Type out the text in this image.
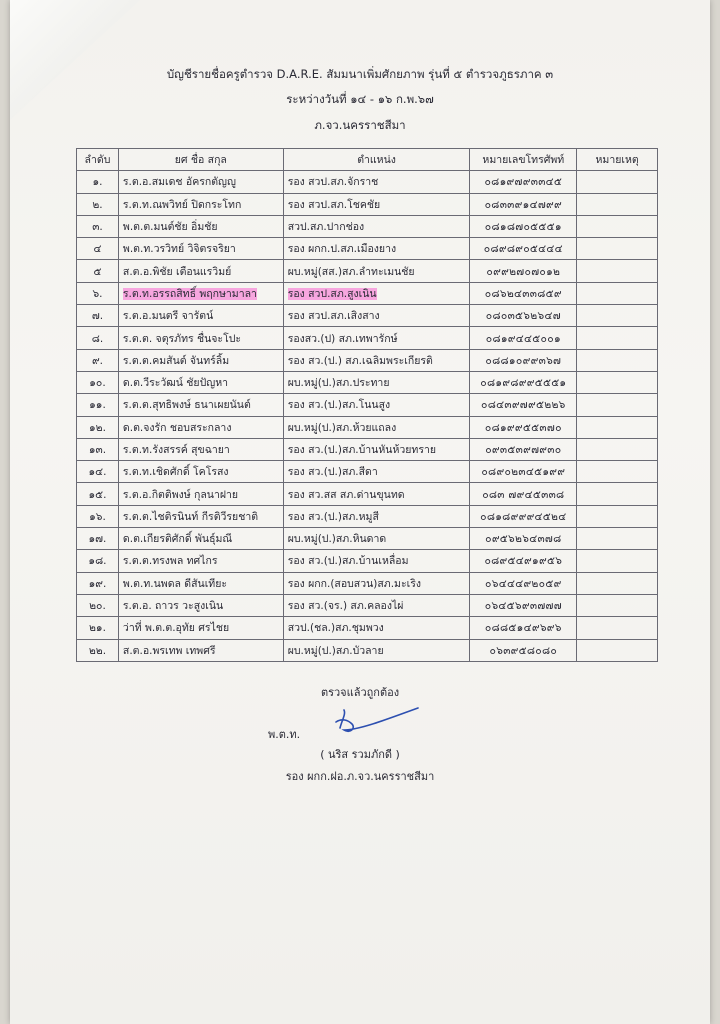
บัญชีรายชื่อครูตำรวจ D.A.R.E. สัมมนาเพิ่มศักยภาพ รุ่นที่ ๕ ตำรวจภูธรภาค ๓
ระหว่างวันที่ ๑๔ - ๑๖ ก.พ.๖๗
ภ.จว.นครราชสีมา
ลำดับ	ยศ ชื่อ สกุล	ตำแหน่ง	หมายเลขโทรศัพท์	หมายเหตุ
๑.	ร.ต.อ.สมเดช อัครกตัญญู	รอง สวป.สภ.จักราช	๐๘๑๙๗๙๓๓๔๕	
๒.	ร.ต.ท.ณพวิทย์ ปิดกระโทก	รอง สวป.สภ.โชคชัย	๐๘๓๓๙๑๔๗๙๙	
๓.	พ.ต.ต.มนต์ชัย อิ่มชัย	สวป.สภ.ปากช่อง	๐๘๑๘๗๐๕๕๕๑	
๔	พ.ต.ท.วรวิทย์ วิจิตรจริยา	รอง ผกก.ป.สภ.เมืองยาง	๐๘๙๘๙๐๕๔๔๔	
๕	ส.ต.อ.พิชัย เตือนแรวิมย์	ผบ.หมู่(สส.)สภ.ลำทะเมนชัย	๐๙๙๒๗๐๗๐๑๒	
๖.	ร.ต.ท.อรรถสิทธิ์ พฤกษามาลา	รอง สวป.สภ.สูงเนิน	๐๘๖๒๔๓๓๘๕๙	
๗.	ร.ต.อ.มนตรี จารัตน์	รอง สวป.สภ.เสิงสาง	๐๘๐๓๕๖๒๖๔๗	
๘.	ร.ต.ต. จตุรภัทร ชื่นจะโปะ	รองสว.(ป) สภ.เทพารักษ์	๐๘๑๙๔๔๕๐๐๑	
๙.	ร.ต.ต.คมสันต์ จันทร์ลิ้ม	รอง สว.(ป.) สภ.เฉลิมพระเกียรติ	๐๘๘๑๐๙๙๓๖๗	
๑๐.	ด.ต.วีระวัฒน์ ชัยปัญหา	ผบ.หมู่(ป.)สภ.ประทาย	๐๘๑๙๘๙๙๕๕๕๑	
๑๑.	ร.ต.ต.สุทธิพงษ์ ธนาเผยนันต์	รอง สว.(ป.)สภ.โนนสูง	๐๘๔๓๙๗๙๕๒๒๖	
๑๒.	ด.ต.จงรัก ชอบสระกลาง	ผบ.หมู่(ป.)สภ.ห้วยแถลง	๐๘๑๙๙๕๕๓๗๐	
๑๓.	ร.ต.ท.รังสรรค์ สุขฉายา	รอง สว.(ป.)สภ.บ้านหันห้วยทราย	๐๙๓๕๓๙๗๙๓๐	
๑๔.	ร.ต.ท.เชิดศักดิ์ โคโรสง	รอง สว.(ป.)สภ.สีดา	๐๘๙๐๒๓๔๕๑๙๙	
๑๕.	ร.ต.อ.กิตติพงษ์ กุลนาฝาย	รอง สว.สส สภ.ด่านขุนทด	๐๘๓ ๗๙๔๕๓๓๘	
๑๖.	ร.ต.ต.ไชติรนินท์ กีรติวีรยชาติ	รอง สว.(ป.)สภ.หมูสี	๐๘๑๘๙๙๙๔๕๒๔	
๑๗.	ด.ต.เกียรติศักดิ์ พันธุ์มณี	ผบ.หมู่(ป.)สภ.หินดาด	๐๙๕๖๒๖๔๓๗๘	
๑๘.	ร.ต.ต.ทรงพล ทศไกร	รอง สว.(ป.)สภ.บ้านเหลื่อม	๐๘๙๕๔๙๑๙๕๖	
๑๙.	พ.ต.ท.นพดล ดีสันเทียะ	รอง ผกก.(สอบสวน)สภ.มะเริง	๐๖๔๔๔๙๒๐๕๙	
๒๐.	ร.ต.อ. ถาวร วะสูงเนิน	รอง สว.(จร.) สภ.คลองไผ่	๐๖๔๕๖๙๓๗๗๗	
๒๑.	ว่าที่ พ.ต.ต.อุทัย ศรไชย	สวป.(ชล.)สภ.ชุมพวง	๐๘๘๕๑๔๙๖๙๖	
๒๒.	ส.ต.อ.พรเทพ เทพศรี	ผบ.หมู่(ป.)สภ.บัวลาย	๐๖๓๙๕๘๐๘๐	
ตรวจแล้วถูกต้อง
พ.ต.ท.
( นริส รวมภักดี )
รอง ผกก.ฝอ.ภ.จว.นครราชสีมา
